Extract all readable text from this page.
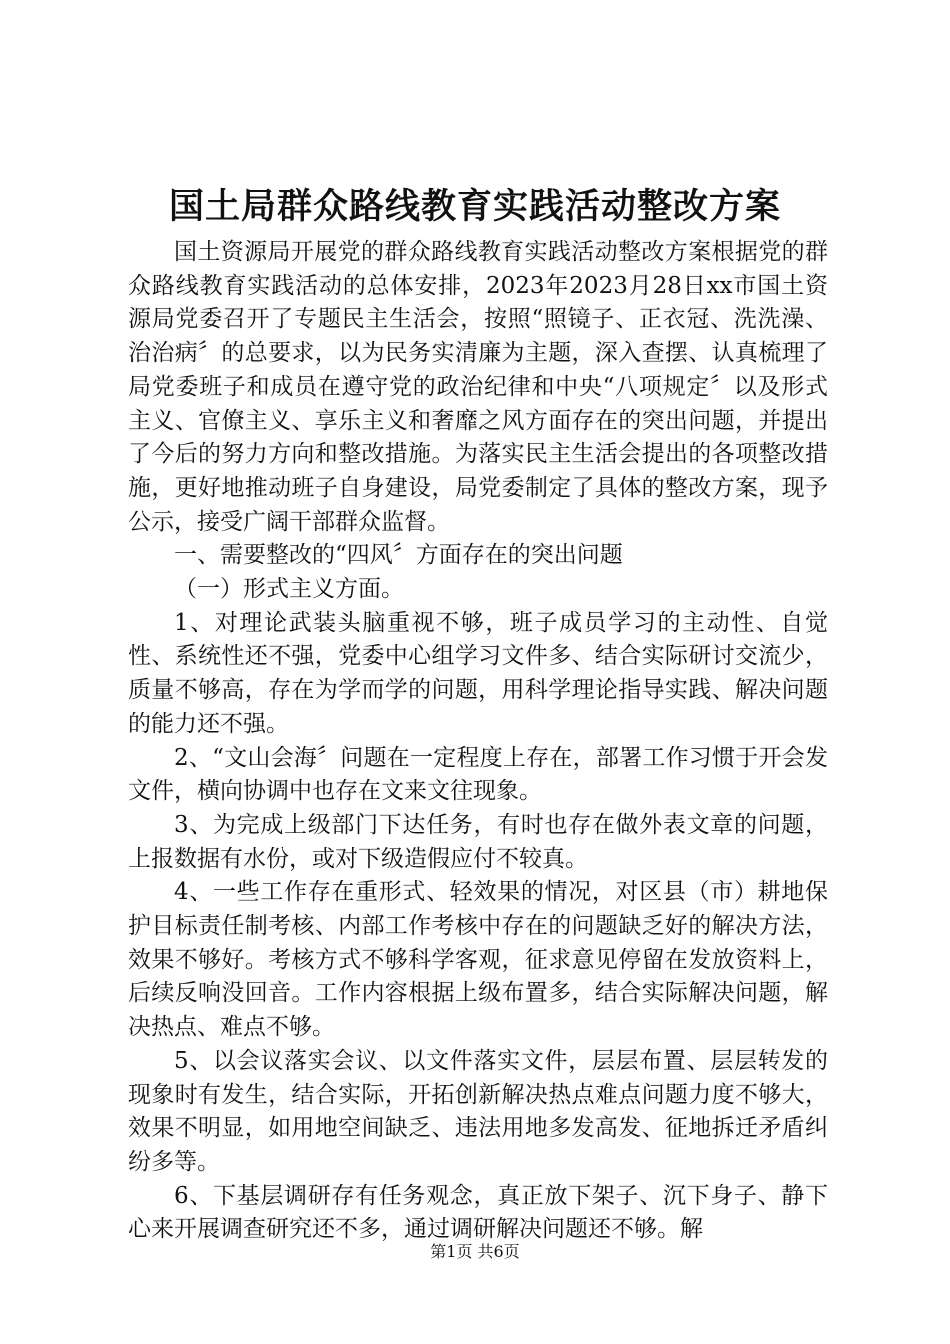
国土局群众路线教育实践活动整改方案

国土资源局开展党的群众路线教育实践活动整改方案根据党的群众路线教育实践活动的总体安排，2023年2023月28日xx市国土资源局党委召开了专题民主生活会，按照“照镜子、正衣冠、洗洗澡、治治病〞的总要求，以为民务实清廉为主题，深入查摆、认真梳理了局党委班子和成员在遵守党的政治纪律和中央“八项规定〞以及形式主义、官僚主义、享乐主义和奢靡之风方面存在的突出问题，并提出了今后的努力方向和整改措施。为落实民主生活会提出的各项整改措施，更好地推动班子自身建设，局党委制定了具体的整改方案，现予公示，接受广阔干部群众监督。

一、需要整改的“四风〞方面存在的突出问题

（一）形式主义方面。

1、对理论武装头脑重视不够，班子成员学习的主动性、自觉性、系统性还不强，党委中心组学习文件多、结合实际研讨交流少，质量不够高，存在为学而学的问题，用科学理论指导实践、解决问题的能力还不强。

2、“文山会海〞问题在一定程度上存在，部署工作习惯于开会发文件，横向协调中也存在文来文往现象。

3、为完成上级部门下达任务，有时也存在做外表文章的问题，上报数据有水份，或对下级造假应付不较真。

4、一些工作存在重形式、轻效果的情况，对区县（市）耕地保护目标责任制考核、内部工作考核中存在的问题缺乏好的解决方法，效果不够好。考核方式不够科学客观，征求意见停留在发放资料上，后续反响没回音。工作内容根据上级布置多，结合实际解决问题，解决热点、难点不够。

5、以会议落实会议、以文件落实文件，层层布置、层层转发的现象时有发生，结合实际，开拓创新解决热点难点问题力度不够大，效果不明显，如用地空间缺乏、违法用地多发高发、征地拆迁矛盾纠纷多等。

6、下基层调研存有任务观念，真正放下架子、沉下身子、静下心来开展调查研究还不多，通过调研解决问题还不够。解

第1页 共6页
